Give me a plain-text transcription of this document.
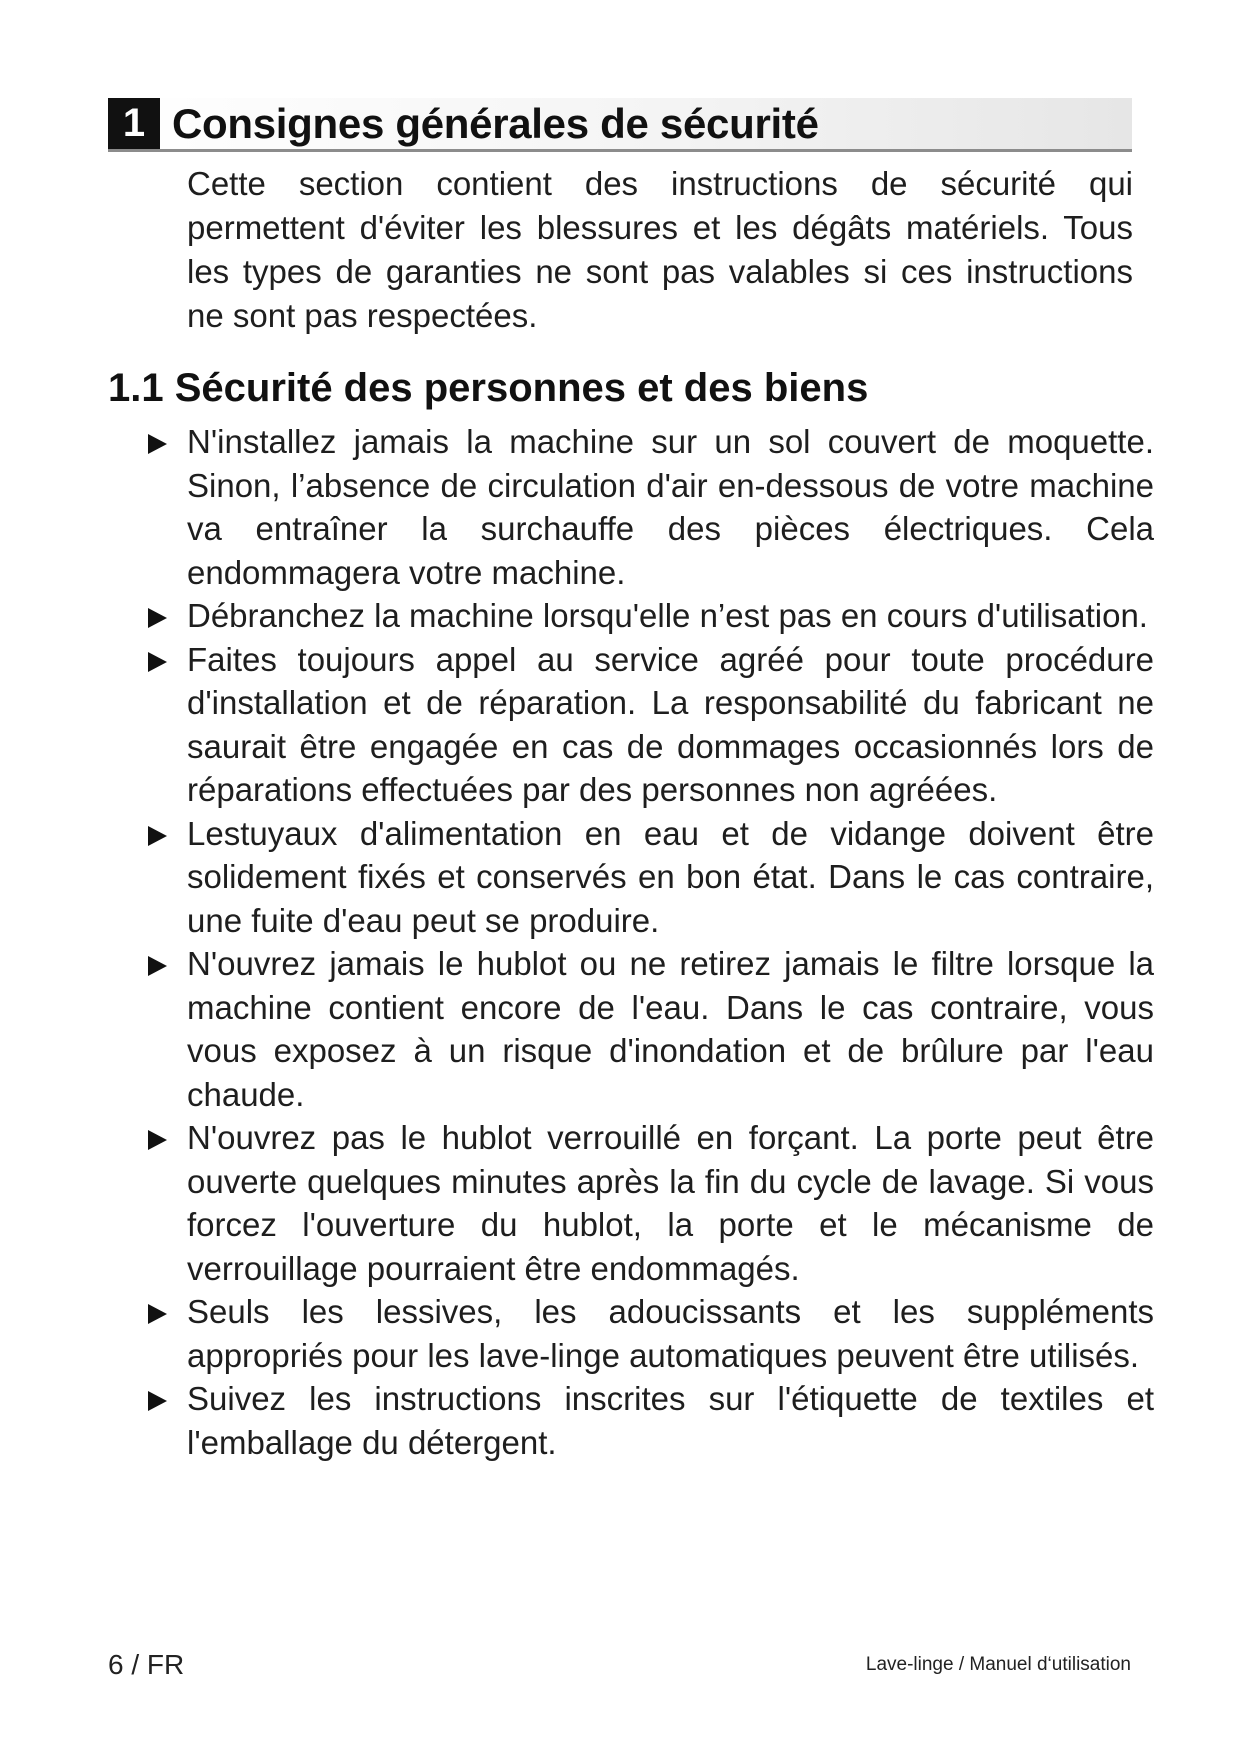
1 Consignes générales de sécurité

Cette section contient des instructions de sécurité qui permettent d'éviter les blessures et les dégâts matériels. Tous les types de garanties ne sont pas valables si ces instructions ne sont pas respectées.

1.1 Sécurité des personnes et des biens
N'installez jamais la machine sur un sol couvert de moquette. Sinon, l’absence de circulation d'air en-dessous de votre machine va entraîner la surchauffe des pièces électriques. Cela endommagera votre machine.
Débranchez la machine lorsqu'elle n’est pas en cours d'utilisation.
Faites toujours appel au service agréé pour toute procédure d'installation et de réparation. La responsabilité du fabricant ne saurait être engagée en cas de dommages occasionnés lors de réparations effectuées par des personnes non agréées.
Lestuyaux d'alimentation en eau et de vidange doivent être solidement fixés et conservés en bon état. Dans le cas contraire, une fuite d'eau peut se produire.
N'ouvrez jamais le hublot ou ne retirez jamais le filtre lorsque la machine contient encore de l'eau. Dans le cas contraire, vous vous exposez à un risque d'inondation et de brûlure par l'eau chaude.
N'ouvrez pas le hublot verrouillé en forçant. La porte peut être ouverte quelques minutes après la fin du cycle de lavage. Si vous forcez l'ouverture du hublot, la porte et le mécanisme de verrouillage pourraient être endommagés.
Seuls les lessives, les adoucissants et les suppléments appropriés pour les lave-linge automatiques peuvent être utilisés.
Suivez les instructions inscrites sur l'étiquette de textiles et l'emballage du détergent.
6 / FR	Lave-linge / Manuel d‘utilisation
